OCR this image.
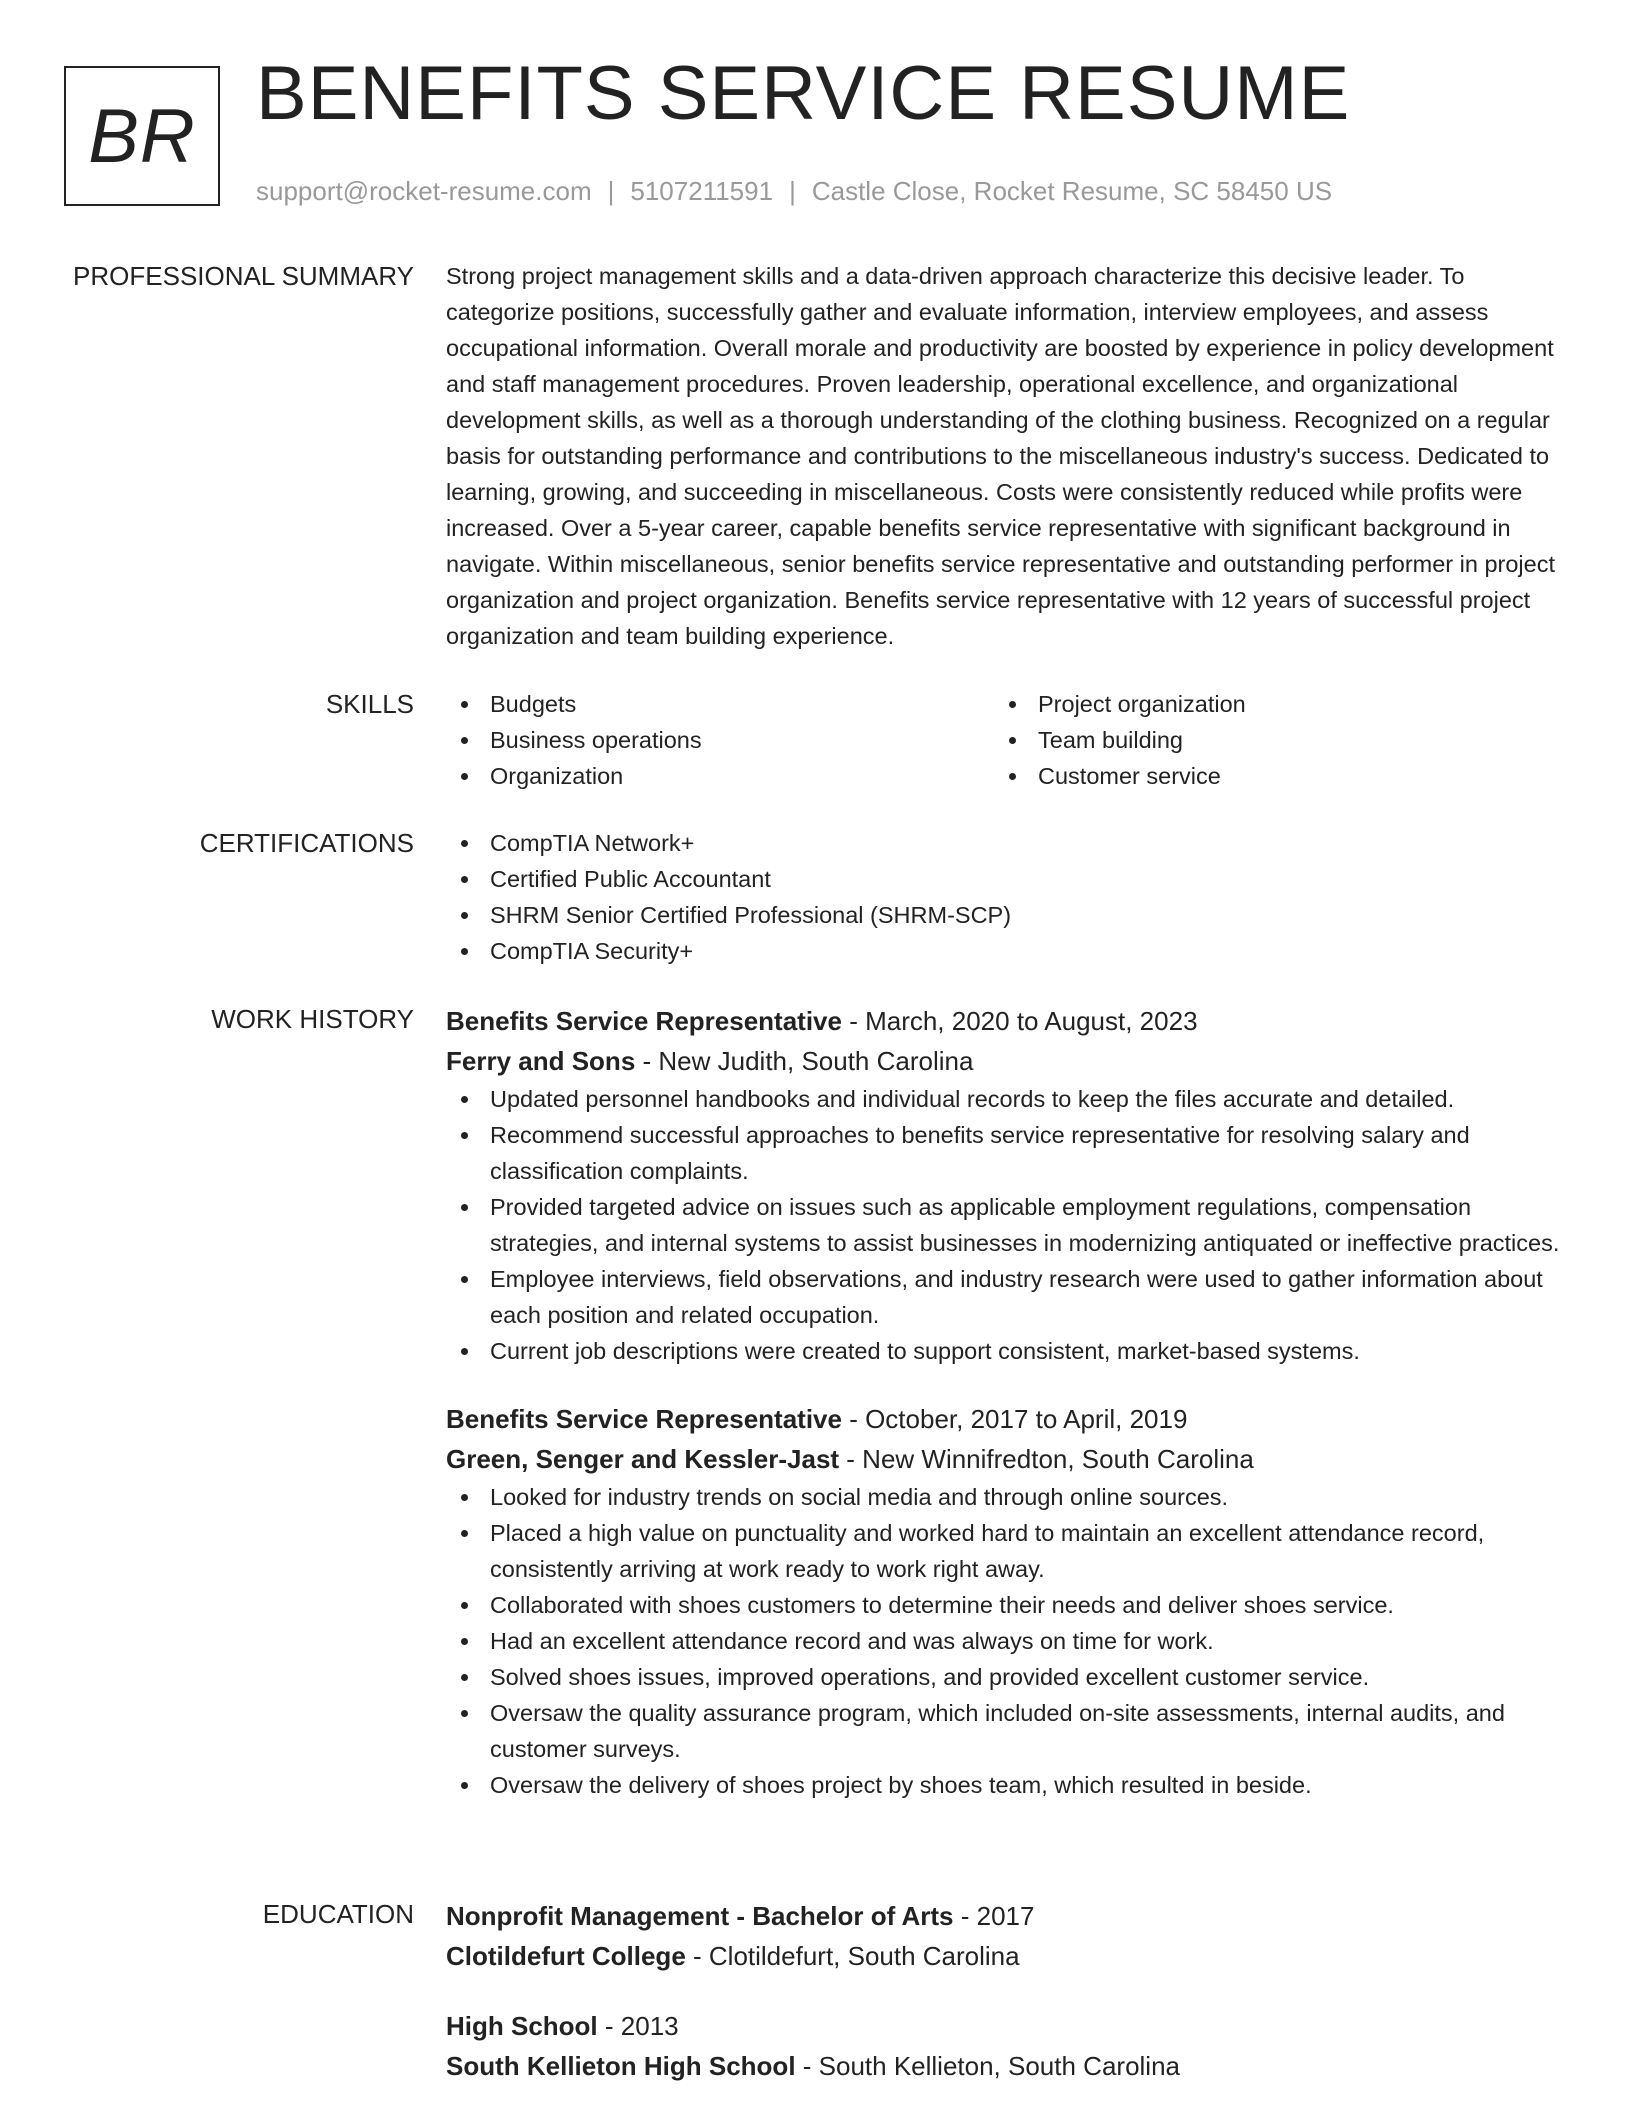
BR BENEFITS SERVICE RESUME
support@rocket-resume.com | 5107211591 | Castle Close, Rocket Resume, SC 58450 US
PROFESSIONAL SUMMARY Strong project management skills and a data-driven approach characterize this decisive leader. To categorize positions, successfully gather and evaluate information, interview employees, and assess occupational information. Overall morale and productivity are boosted by experience in policy development and staff management procedures. Proven leadership, operational excellence, and organizational development skills, as well as a thorough understanding of the clothing business. Recognized on a regular basis for outstanding performance and contributions to the miscellaneous industry's success. Dedicated to learning, growing, and succeeding in miscellaneous. Costs were consistently reduced while profits were increased. Over a 5-year career, capable benefits service representative with significant background in navigate. Within miscellaneous, senior benefits service representative and outstanding performer in project organization and project organization. Benefits service representative with 12 years of successful project organization and team building experience.

SKILLS	Budgets
Business operations
Organization
Project organization
Team building
Customer service
CERTIFICATIONS	CompTIA Network+
Certified Public Accountant
SHRM Senior Certified Professional (SHRM-SCP)
CompTIA Security+
WORK HISTORY Benefits Service Representative - March, 2020 to August, 2023
Ferry and Sons - New Judith, South Carolina
Updated personnel handbooks and individual records to keep the files accurate and detailed.
Recommend successful approaches to benefits service representative for resolving salary and classification complaints.
Provided targeted advice on issues such as applicable employment regulations, compensation strategies, and internal systems to assist businesses in modernizing antiquated or ineffective practices.
Employee interviews, field observations, and industry research were used to gather information about each position and related occupation.
Current job descriptions were created to support consistent, market-based systems.
Benefits Service Representative - October, 2017 to April, 2019
Green, Senger and Kessler-Jast - New Winnifredton, South Carolina
Looked for industry trends on social media and through online sources.
Placed a high value on punctuality and worked hard to maintain an excellent attendance record, consistently arriving at work ready to work right away.
Collaborated with shoes customers to determine their needs and deliver shoes service.
Had an excellent attendance record and was always on time for work.
Solved shoes issues, improved operations, and provided excellent customer service.
Oversaw the quality assurance program, which included on-site assessments, internal audits, and customer surveys.
Oversaw the delivery of shoes project by shoes team, which resulted in beside.
EDUCATION Nonprofit Management - Bachelor of Arts - 2017
Clotildefurt College - Clotildefurt, South Carolina
High School - 2013
South Kellieton High School - South Kellieton, South Carolina
